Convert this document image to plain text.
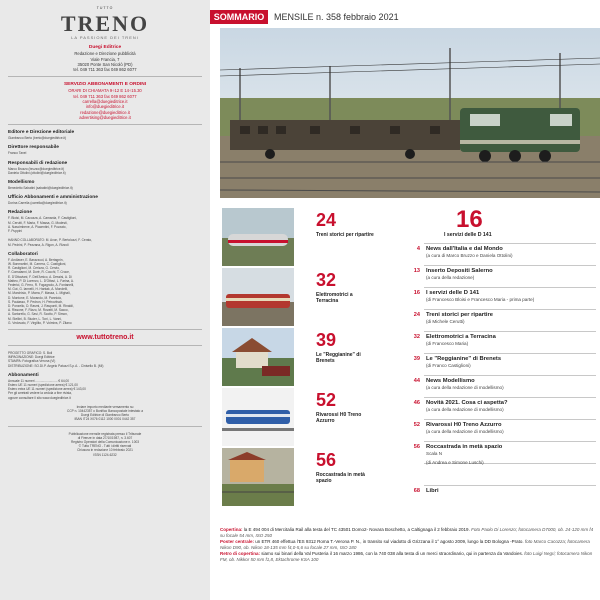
TUTTO
TRENO
LA PASSIONE DEI TRENI
Duegi Editrice
Redazione e Direzione pubblicità
Viale Francia, 7
35020 Ponte San Nicolò (PD)
tel. 049 711 363 fax 049 862 6077
SERVIZIO ABBONAMENTI E ORDINI
ORARI DI CHIAMATA 9÷12 E 14÷15.30
tel. 049 711 363 fax 049 862 6077
carrella@duegieditrice.it
info@duegieditrice.it
redazione@duegieditrice.it
advertising@duegieditrice.it
Editore e Direzione editoriale
Gianfranco Berto (berto@duegieditrice.it)
Direttore responsabile
Franco Tanel
Responsabili di redazione
Marco Bruzzo (bruzzo@duegieditrice.it)
Daniela Ottolini (ottolini@duegieditrice.it)
Modellismo
Benedetto Sabatini (sabatini@duegieditrice.it)
Ufficio Abbonamenti e amministrazione
Dorina Carrella (carrella@duegieditrice.it)
Redazione
F. Bloisi, M. Cacozza, A. Camarda, F. Castiglioni,
M. Cerutti, F. Maria, F. Massa, G. Modesti,
A. Nascimbene, A. Piacentini, F. Pozzato,
F. Puppini
HANNO COLLABORATO: M. Avon, P. Bertolozzi, F. Cerato,
M. Pedrini, P. Pezzana, A. Rigon, A. Rizzoli
Collaboratori
F. Andlaver, E. Barazzuol, A. Bertagnin,
W. Bonmartini, M. Carrera, C. Castiglioni,
R. Castiglioni, M. Cerizza, G. Cerzio,
F. Comaianni, M. Dorè, R. Cocchi, T. Croce,
E. D'Ottaviani, F. Dell'Amico, A. Dessisi, A. Di
Matteo, P. Di Lorenzo, L. D'Ottavi, L. Farina, A.
Federici, G. Ferro, R. Fogagnolo, A. Fontanelli,
M. Gut, G. Iannelli, H. Hantak, A. Mondelli,
M. Marchisio, P. Marra, F. Massa, L. Mighali,
D. Montone, E. Morando, M. Pannicio,
S. Paulasso, P. Pedron, H. Petrovitsch,
D. Ponzello, D. Rasmi, J. Rasponti, M. Rinaldi,
A. Rissone, F. Rizzo, M. Rovatti, M. Sacco,
A. Sartorello, G. Savi, R. Scotto, P. Simon,
M. Stellini, B. Studer, L. Toni, L. Vanni,
G. Vedovato, F. Virgilito, P. Volmins, P. Zitano
www.tuttotreno.it
PROGETTO GRAFICO: S. Boli
IMPAGINAZIONE: Duegi Editrice
STAMPA: Fotografica Verona (VI)
DISTRIBUZIONE: SO.DI.P. Angelo Patuzzi S.p.A. - Cinisello B. (MI)
Abbonamenti
Annuale 11 numeri ......................... € 64,00
Estero UE 11 numeri (spedizione aerea) € 121,00
Estero extra UE 11 numeri (spedizione aerea) € 143,00
Per gli arretrati vedere la cedola a fine rivista,
oppure consultare il sito www.duegieditrice.it
Inviare importo mediante versamento su
CCP n. 10442357 o Bonifico Bancopostale intestato a
Duegi Editrice di Gianfranco Berto
IBAN IT24 X076 0112 1000 0001 0442 357
Pubblicazione mensile registrata presso il Tribunale
di Firenze in data 27/10/1987, n. 3.607
Registro Operatori della Comunicazione n. 1003
© Tutto TRENO - Tutti i diritti riservati
Chiusura in redazione 10 febbraio 2021
ISSN 1124-6232
SOMMARIO	MENSILE n. 358 febbraio 2021
24
Treni storici per ripartire
32
Elettromotrici a Terracina
39
Le "Reggianine" di Brenets
52
Rivarossi H0 Treno Azzurro
56
Roccastrada in metà spazio
16
I servizi delle D 141
4 News dall'Italia e dal Mondo
(a cura di Marco Bruzzo e Daniela Ottolini)
13 Inserto Depositi Salerno
(a cura della redazione)
16 I servizi delle D 141
(di Francesco Bloisi e Francesco Maria - prima parte)
24 Treni storici per ripartire
(di Michele Cerutti)
32 Elettromotrici a Terracina
(di Francesco Maria)
39 Le "Reggianine" di Brenets
(di Franco Castiglioni)
44 News Modellismo
(a cura della redazione di modellismo)
46 Novità 2021. Cosa ci aspetta?
(a cura della redazione di modellismo)
52 Rivarossi H0 Treno Azzurro
(a cura della redazione di modellismo)
56 Roccastrada in metà spazio
Scala N
(di Andrea e Simone Luschi)
68 Libri
Copertina: la E 494 004 di Mercitalia Rail alla testa del TC 43501 Domo2- Novara Boschetto, a Caltignaga il 2 febbraio 2019. Foto Paolo Di Lorenzo; fotocamera D7000, ob. 24-120 mm f4 su focale 54 mm, ISO 250
Poster centrale: un ETR 460 effettua l'ES 9312 Roma T.-Verona P. N., in transito sul viadotto di Grizzana il 1° agosto 2009, lungo la DD Bologna -Prato. foto Marco Cacozza; fotocamera Nikon D90, ob. Nikon 18-135 mm f4,0-5,6 su focale 27 mm, ISO 180
Retro di copertina: siamo sui binari della Val Pusteria il 16 marzo 1986, con la 740 038 alla testa di un merci straordinario, qui in partenza da Vandoies. foto Luigi Negri; fotocamera Nikon FM, ob. Nikkor 50 mm f1,8, Ektachrome KSA 100
